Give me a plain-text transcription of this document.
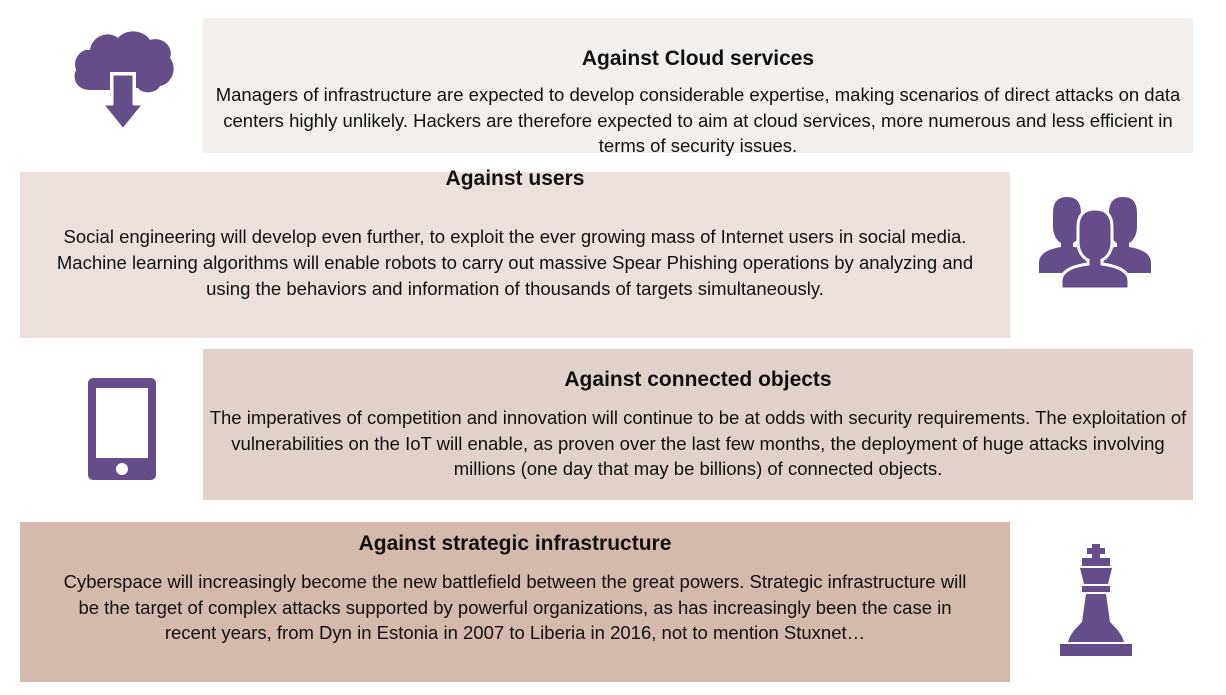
Against Cloud services

Managers of infrastructure are expected to develop considerable expertise, making scenarios of direct attacks on data centers highly unlikely. Hackers are therefore expected to aim at cloud services, more numerous and less efficient in terms of security issues.

Against users

Social engineering will develop even further, to exploit the ever growing mass of Internet users in social media. Machine learning algorithms will enable robots to carry out massive Spear Phishing operations by analyzing and using the behaviors and information of thousands of targets simultaneously.

Against connected objects

The imperatives of competition and innovation will continue to be at odds with security requirements. The exploitation of vulnerabilities on the IoT will enable, as proven over the last few months, the deployment of huge attacks involving millions (one day that may be billions) of connected objects.

Against strategic infrastructure

Cyberspace will increasingly become the new battlefield between the great powers. Strategic infrastructure will be the target of complex attacks supported by powerful organizations, as has increasingly been the case in recent years, from Dyn in Estonia in 2007 to Liberia in 2016, not to mention Stuxnet…
